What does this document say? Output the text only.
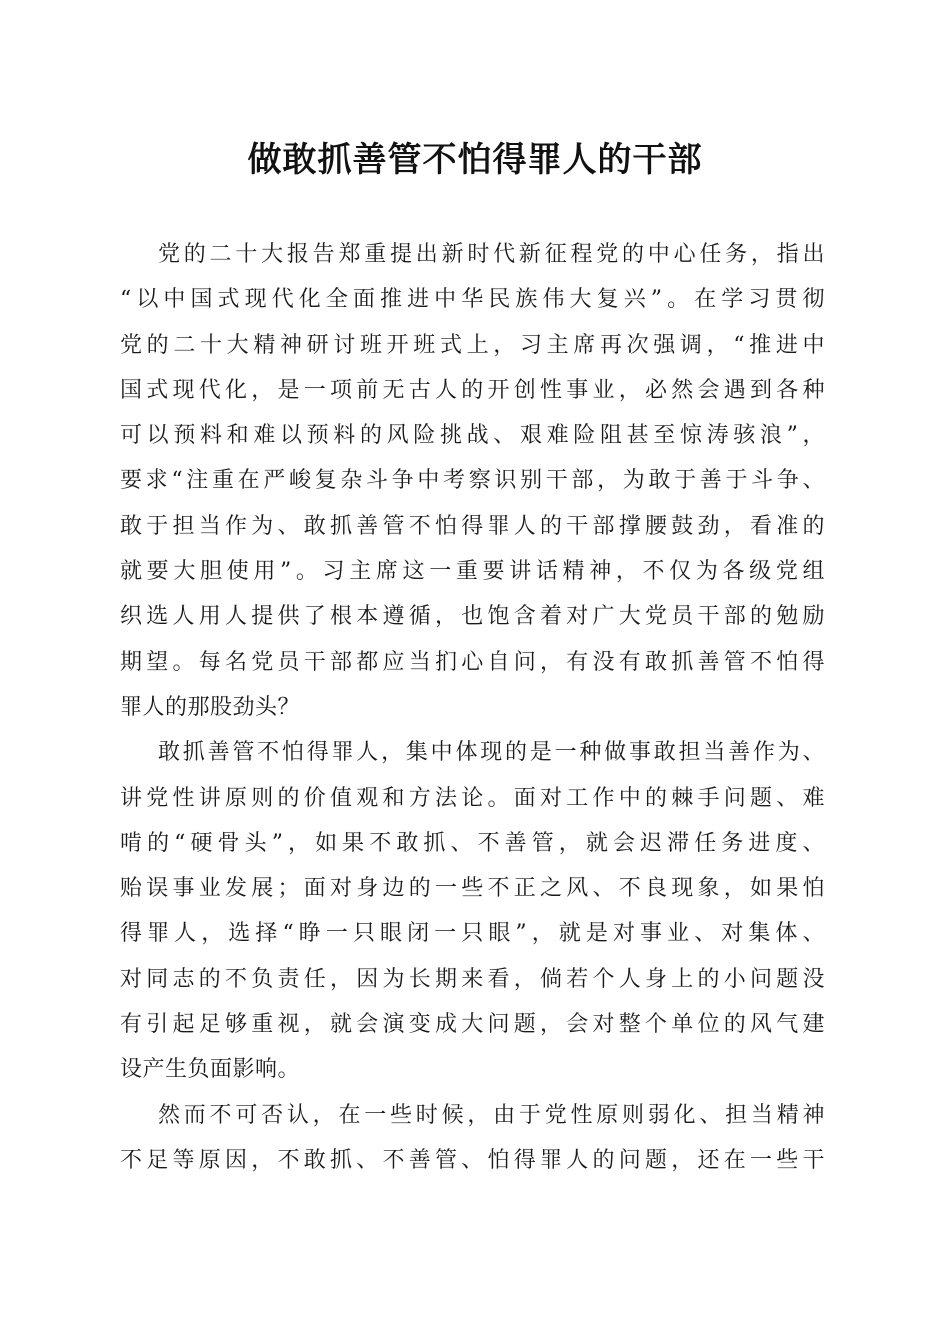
做敢抓善管不怕得罪人的干部
党的二十大报告郑重提出新时代新征程党的中心任务，指出
“以中国式现代化全面推进中华民族伟大复兴”。在学习贯彻
党的二十大精神研讨班开班式上，习主席再次强调，“推进中
国式现代化，是一项前无古人的开创性事业，必然会遇到各种
可以预料和难以预料的风险挑战、艰难险阻甚至惊涛骇浪”，
要求“注重在严峻复杂斗争中考察识别干部，为敢于善于斗争、
敢于担当作为、敢抓善管不怕得罪人的干部撑腰鼓劲，看准的
就要大胆使用”。习主席这一重要讲话精神，不仅为各级党组
织选人用人提供了根本遵循，也饱含着对广大党员干部的勉励
期望。每名党员干部都应当扪心自问，有没有敢抓善管不怕得
罪人的那股劲头？
敢抓善管不怕得罪人，集中体现的是一种做事敢担当善作为、
讲党性讲原则的价值观和方法论。面对工作中的棘手问题、难
啃的“硬骨头”，如果不敢抓、不善管，就会迟滞任务进度、
贻误事业发展；面对身边的一些不正之风、不良现象，如果怕
得罪人，选择“睁一只眼闭一只眼”，就是对事业、对集体、
对同志的不负责任，因为长期来看，倘若个人身上的小问题没
有引起足够重视，就会演变成大问题，会对整个单位的风气建
设产生负面影响。
然而不可否认，在一些时候，由于党性原则弱化、担当精神
不足等原因，不敢抓、不善管、怕得罪人的问题，还在一些干
